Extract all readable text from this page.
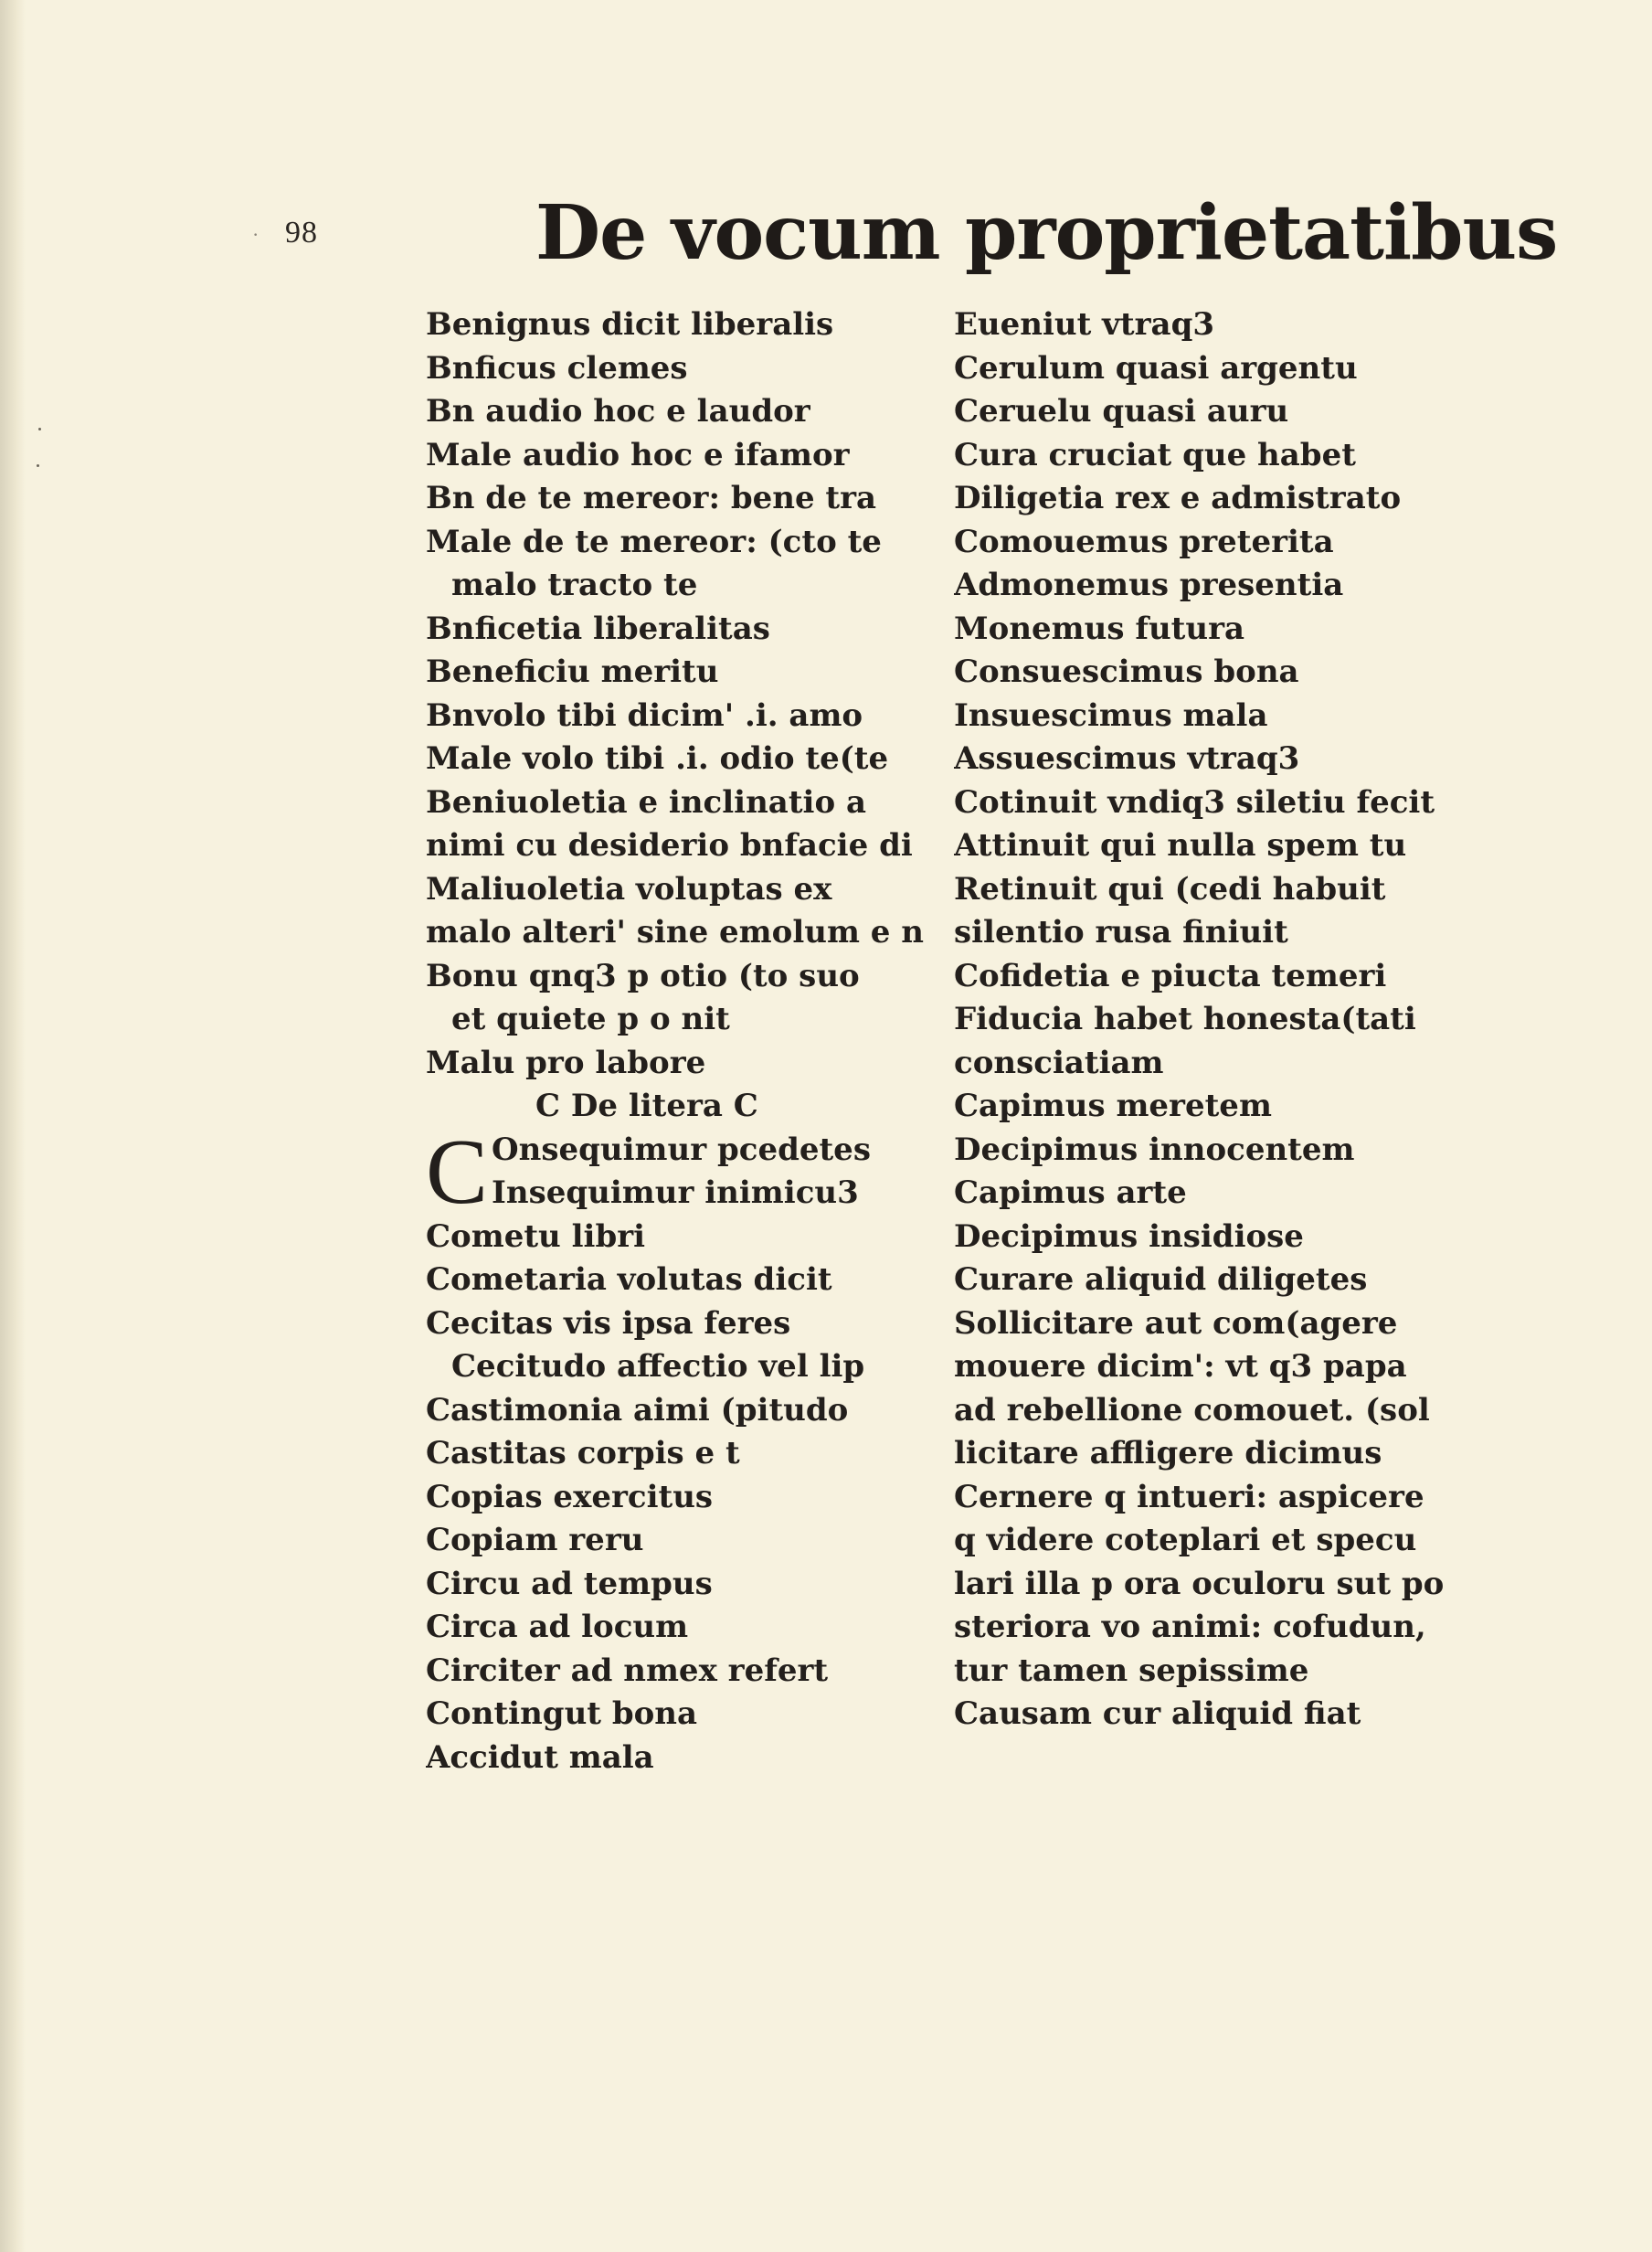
· 98	De vocum proprietatibus
Benignus dicit liberalis
Bnficus clemes
Bn audio hoc e laudor
Male audio hoc e ifamor
Bn de te mereor: bene tra
Male de te mereor: (cto te
malo tracto te
Bnficetia liberalitas
Beneficiu meritu
Bnvolo tibi dicim' .i. amo
Male volo tibi .i. odio te(te
Beniuoletia e inclinatio a
nimi cu desiderio bnfacie di
Maliuoletia voluptas ex
malo alteri' sine emolum e n
Bonu qnq3 p otio (to suo
et quiete p o nit
Malu pro labore
C De litera C
C Onsequimur pcedetes
Insequimur inimicu3
Cometu libri
Cometaria volutas dicit
Cecitas vis ipsa feres
Cecitudo affectio vel lip
Castimonia aimi (pitudo
Castitas corpis e t
Copias exercitus
Copiam reru
Circu ad tempus
Circa ad locum
Circiter ad nmex refert
Contingut bona
Accidut mala
Eueniut vtraq3
Cerulum quasi argentu
Ceruelu quasi auru
Cura cruciat que habet
Diligetia rex e admistrato
Comouemus preterita
Admonemus presentia
Monemus futura
Consuescimus bona
Insuescimus mala
Assuescimus vtraq3
Cotinuit vndiq3 siletiu fecit
Attinuit qui nulla spem tu
Retinuit qui (cedi habuit
silentio rusa finiuit
Cofidetia e piucta temeri
Fiducia habet honesta(tati
consciatiam
Capimus meretem
Decipimus innocentem
Capimus arte
Decipimus insidiose
Curare aliquid diligetes
Sollicitare aut com(agere
mouere dicim': vt q3 papa
ad rebellione comouet. (sol
licitare affligere dicimus
Cernere q intueri: aspicere
q videre coteplari et specu
lari illa p ora oculoru sut po
steriora vo animi: cofudun,
tur tamen sepissime
Causam cur aliquid fiat
